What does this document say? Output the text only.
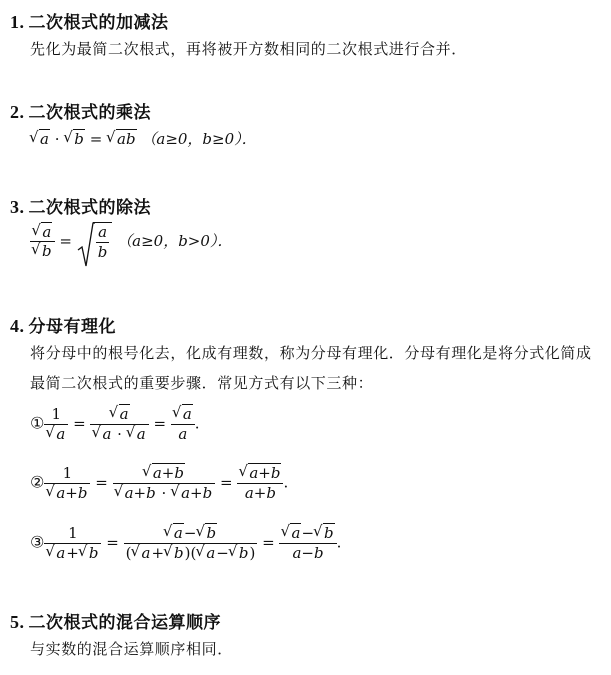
1. 二次根式的加减法
先化为最简二次根式，再将被开方数相同的二次根式进行合并．
2. 二次根式的乘法
√ a · √ b = √ ab （a≥0，b≥0）．
3. 二次根式的除法
√ a
√ $b = \frac{a}{b} (a\ge 0$，b>0）．
4. 分母有理化
将分母中的根号化去，化成有理数，称为分母有理化．分母有理化是将分式化简成
最简二次根式的重要步骤．常见方式有以下三种：
① 1
√ a = √ a
√ a · √ a = √ $\frac{a}{a}$ .
② 1
√ a+b = √ a+b
√ a+b · √ a+b = √ $\frac{a+b}{a+b}$ .
③ 1
√ a+ √ b = √ $\frac{a- √ b}{( √ a+ √ b)( √ a- √ b)}$ = √ $\frac{a- √ b}{a-b}$ .
5. 二次根式的混合运算顺序
与实数的混合运算顺序相同．
